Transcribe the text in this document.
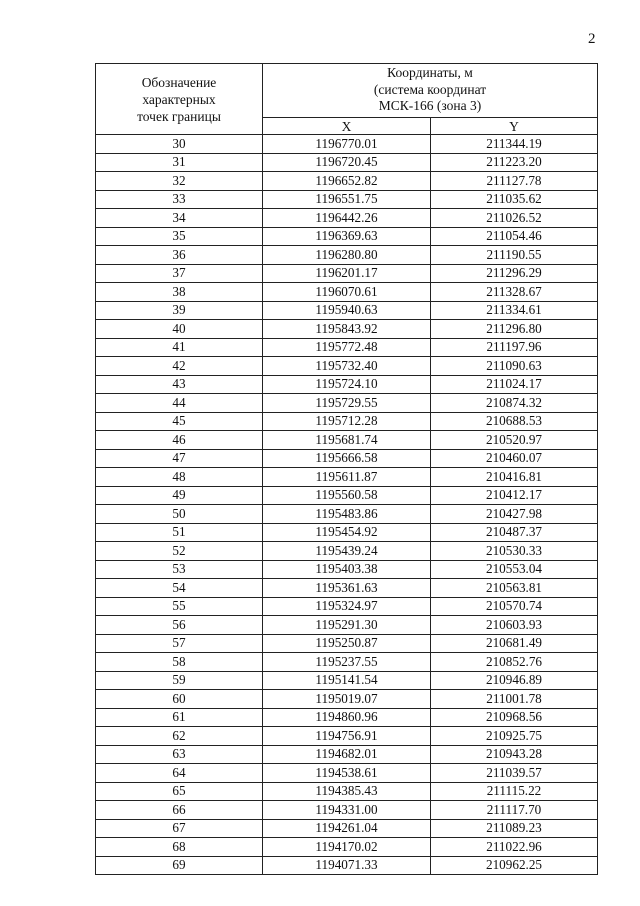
2
Обозначение
характерных
точек границы	Координаты, м
(система координат
МСК-166 (зона 3)	
	X	Y
30	1196770.01	211344.19
31	1196720.45	211223.20
32	1196652.82	211127.78
33	1196551.75	211035.62
34	1196442.26	211026.52
35	1196369.63	211054.46
36	1196280.80	211190.55
37	1196201.17	211296.29
38	1196070.61	211328.67
39	1195940.63	211334.61
40	1195843.92	211296.80
41	1195772.48	211197.96
42	1195732.40	211090.63
43	1195724.10	211024.17
44	1195729.55	210874.32
45	1195712.28	210688.53
46	1195681.74	210520.97
47	1195666.58	210460.07
48	1195611.87	210416.81
49	1195560.58	210412.17
50	1195483.86	210427.98
51	1195454.92	210487.37
52	1195439.24	210530.33
53	1195403.38	210553.04
54	1195361.63	210563.81
55	1195324.97	210570.74
56	1195291.30	210603.93
57	1195250.87	210681.49
58	1195237.55	210852.76
59	1195141.54	210946.89
60	1195019.07	211001.78
61	1194860.96	210968.56
62	1194756.91	210925.75
63	1194682.01	210943.28
64	1194538.61	211039.57
65	1194385.43	211115.22
66	1194331.00	211117.70
67	1194261.04	211089.23
68	1194170.02	211022.96
69	1194071.33	210962.25
